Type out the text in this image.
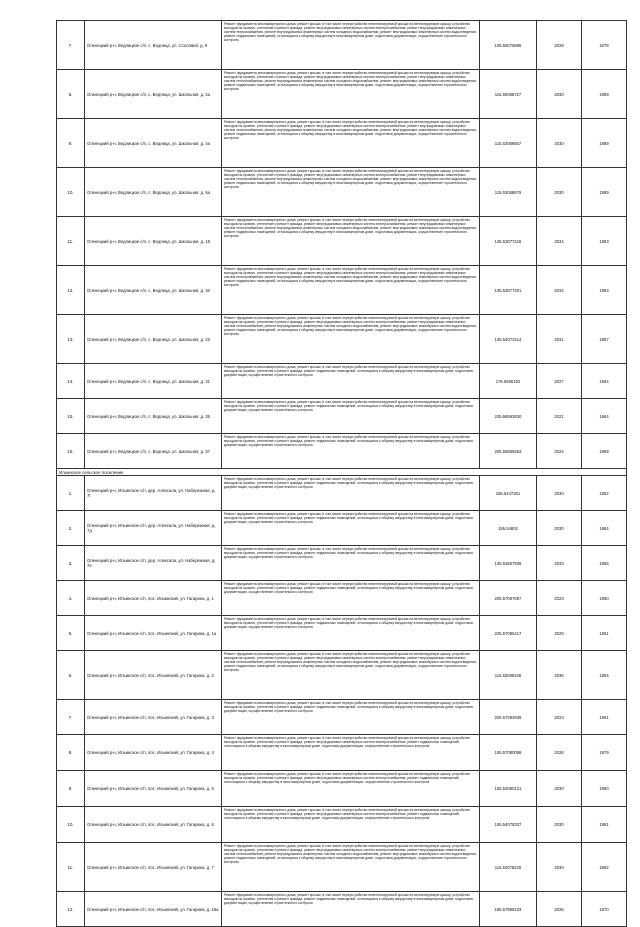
7.	Оленецкий р-н, Ведлицкое с/п, с. Ведлица, ул. Ссоловей, д. 9	Ремонт фундамента многоквартирного дома, ремонт крыши, в том числе переустройство невентилируемой крыши на вентилируемую крышу, устройство выходов на кровлю, утепление и ремонт фасада, ремонт внутридомовых инженерных систем электроснабжения, ремонт внутридомовых инженерных систем теплоснабжения, ремонт внутридомовых инженерных систем холодного водоснабжения, ремонт внутридомовых инженерных систем водоотведения, ремонт подвальных помещений, относящихся к общему имуществу в многоквартирном доме, подготовка документации, осуществление строительного контроля	105.55076865	2028	1978
8.	Оленецкий р-н, Ведлицкое с/п, с. Ведлица, ул. Школьная, д. 2а	Ремонт фундамента многоквартирного дома, ремонт крыши, в том числе переустройство невентилируемой крыши на вентилируемую крышу, устройство выходов на кровлю, утепление и ремонт фасада, ремонт внутридомовых инженерных систем электроснабжения, ремонт внутридомовых инженерных систем теплоснабжения, ремонт внутридомовых инженерных систем холодного водоснабжения, ремонт внутридомовых инженерных систем водоотведения, ремонт подвальных помещений, относящихся к общему имуществу в многоквартирном доме, подготовка документации, осуществление строительного контроля	115.50068727	2030	1989
9.	Оленецкий р-н, Ведлицкое с/п, с. Ведлица, ул. Школьная, д. 4а	Ремонт фундамента многоквартирного дома, ремонт крыши, в том числе переустройство невентилируемой крыши на вентилируемую крышу, устройство выходов на кровлю, утепление и ремонт фасада, ремонт внутридомовых инженерных систем электроснабжения, ремонт внутридомовых инженерных систем теплоснабжения, ремонт внутридомовых инженерных систем холодного водоснабжения, ремонт внутридомовых инженерных систем водоотведения, ремонт подвальных помещений, относящихся к общему имуществу в многоквартирном доме, подготовка документации, осуществление строительного контроля	115.53068657	2030	1989
10.	Оленецкий р-н, Ведлицкое с/п, с. Ведлица, ул. Школьная, д. 6а	Ремонт фундамента многоквартирного дома, ремонт крыши, в том числе переустройство невентилируемой крыши на вентилируемую крышу, устройство выходов на кровлю, утепление и ремонт фасада, ремонт внутридомовых инженерных систем электроснабжения, ремонт внутридомовых инженерных систем теплоснабжения, ремонт внутридомовых инженерных систем холодного водоснабжения, ремонт внутридомовых инженерных систем водоотведения, ремонт подвальных помещений, относящихся к общему имуществу в многоквартирном доме, подготовка документации, осуществление строительного контроля	115.53068679	2030	1989
11.	Оленецкий р-н, Ведлицкое с/п, с. Ведлица, ул. Школьная, д. 18	Ремонт фундамента многоквартирного дома, ремонт крыши, в том числе переустройство невентилируемой крыши на вентилируемую крышу, устройство выходов на кровлю, утепление и ремонт фасада, ремонт внутридомовых инженерных систем электроснабжения, ремонт внутридомовых инженерных систем теплоснабжения, ремонт внутридомовых инженерных систем холодного водоснабжения, ремонт внутридомовых инженерных систем водоотведения, ремонт подвальных помещений, относящихся к общему имуществу в многоквартирном доме, подготовка документации, осуществление строительного контроля	135.53077415	2034	1983
12.	Оленецкий р-н, Ведлицкое с/п, с. Ведлица, ул. Школьная, д. 20	Ремонт фундамента многоквартирного дома, ремонт крыши, в том числе переустройство невентилируемой крыши на вентилируемую крышу, устройство выходов на кровлю, утепление и ремонт фасада, ремонт внутридомовых инженерных систем электроснабжения, ремонт внутридомовых инженерных систем теплоснабжения, ремонт внутридомовых инженерных систем холодного водоснабжения, ремонт внутридомовых инженерных систем водоотведения, ремонт подвальных помещений, относящихся к общему имуществу в многоквартирном доме, подготовка документации, осуществление строительного контроля	135.53077401	2034	1983
13.	Оленецкий р-н, Ведлицкое с/п, с. Ведлица, ул. Школьная, д. 23	Ремонт фундамента многоквартирного дома, ремонт крыши, в том числе переустройство невентилируемой крыши на вентилируемую крышу, устройство выходов на кровлю, утепление и ремонт фасада, ремонт внутридомовых инженерных систем электроснабжения, ремонт внутридомовых инженерных систем теплоснабжения, ремонт внутридомовых инженерных систем холодного водоснабжения, ремонт внутридомовых инженерных систем водоотведения, ремонт подвальных помещений, относящихся к общему имуществу в многоквартирном доме, подготовка документации, осуществление строительного контроля	135.54073414	2031	1987
14.	Оленецкий р-н, Ведлицкое с/п, с. Ведлица, ул. Школьная, д. 31	Ремонт фундамента многоквартирного дома, ремонт крыши, в том числе переустройство невентилируемой крыши на вентилируемую крышу, устройство выходов на кровлю, утепление и ремонт фасада, ремонт подвальных помещений, относящихся к общему имуществу в многоквартирном доме, подготовка документации, осуществление строительного контроля	176.5556192	2027	1964
15.	Оленецкий р-н, Ведлицкое с/п, с. Ведлица, ул. Школьная, д. 35	Ремонт фундамента многоквартирного дома, ремонт крыши, в том числе переустройство невентилируемой крыши на вентилируемую крышу, устройство выходов на кровлю, утепление и ремонт фасада, ремонт подвальных помещений, относящихся к общему имуществу в многоквартирном доме, подготовка документации, осуществление строительного контроля	225.56593830	2021	1964
16.	Оленецкий р-н, Ведлицкое с/п, с. Ведлица, ул. Школьная, д. 37	Ремонт фундамента многоквартирного дома, ремонт крыши, в том числе переустройство невентилируемой крыши на вентилируемую крышу, устройство выходов на кровлю, утепление и ремонт фасада, ремонт подвальных помещений, относящихся к общему имуществу в многоквартирном доме, подготовка документации, осуществление строительного контроля	205.56588453	2024	1969
Ильинское сельское поселение					
1.	Оленецкий р-н, Ильинское с/п, дер. Алексала, ул. Набережная, д. 7г	Ремонт фундамента многоквартирного дома, ремонт крыши, в том числе переустройство невентилируемой крыши на вентилируемую крышу, устройство выходов на кровлю, утепление и ремонт фасада, ремонт подвальных помещений, относящихся к общему имуществу в многоквартирном доме, подготовка документации, осуществление строительного контроля	155.5447251	2030	1982
2.	Оленецкий р-н, Ильинское с/п, дер. Алексала, ул. Набережная, д. 7д	Ремонт фундамента многоквартирного дома, ремонт крыши, в том числе переустройство невентилируемой крыши на вентилируемую крышу, устройство выходов на кровлю, утепление и ремонт фасада, ремонт подвальных помещений, относящихся к общему имуществу в многоквартирном доме, подготовка документации, осуществление строительного контроля	155.54802	2030	1984
3.	Оленецкий р-н, Ильинское с/п, дер. Алексала, ул. Набережная, д. 7е	Ремонт фундамента многоквартирного дома, ремонт крыши, в том числе переустройство невентилируемой крыши на вентилируемую крышу, устройство выходов на кровлю, утепление и ремонт фасада, ремонт подвальных помещений, относящихся к общему имуществу в многоквартирном доме, подготовка документации, осуществление строительного контроля	135.53667936	2033	1986
4.	Оленецкий р-н, Ильинское с/п, пос. Ильинский, ул. Гагарина, д. 1	Ремонт фундамента многоквартирного дома, ремонт крыши, в том числе переустройство невентилируемой крыши на вентилируемую крышу, устройство выходов на кровлю, утепление и ремонт фасада, ремонт подвальных помещений, относящихся к общему имуществу в многоквартирном доме, подготовка документации, осуществление строительного контроля	205.57097697	2023	1960
5.	Оленецкий р-н, Ильинское с/п, пос. Ильинский, ул. Гагарина, д. 1а	Ремонт фундамента многоквартирного дома, ремонт крыши, в том числе переустройство невентилируемой крыши на вентилируемую крышу, устройство выходов на кровлю, утепление и ремонт фасада, ремонт подвальных помещений, относящихся к общему имуществу в многоквартирном доме, подготовка документации, осуществление строительного контроля	225.57095417	2020	1961
6.	Оленецкий р-н, Ильинское с/п, пос. Ильинский, ул. Гагарина, д. 2	Ремонт фундамента многоквартирного дома, ремонт крыши, в том числе переустройство невентилируемой крыши на вентилируемую крышу, устройство выходов на кровлю, утепление и ремонт фасада, ремонт внутридомовых инженерных систем электроснабжения, ремонт внутридомовых инженерных систем теплоснабжения, ремонт внутридомовых инженерных систем холодного водоснабжения, ремонт внутридомовых инженерных систем водоотведения, ремонт подвальных помещений, относящихся к общему имуществу в многоквартирном доме, подготовка документации, осуществление строительного контроля	115.53068438	2036	1994
7.	Оленецкий р-н, Ильинское с/п, пос. Ильинский, ул. Гагарина, д. 3	Ремонт фундамента многоквартирного дома, ремонт крыши, в том числе переустройство невентилируемой крыши на вентилируемую крышу, устройство выходов на кровлю, утепление и ремонт фасада, ремонт подвальных помещений, относящихся к общему имуществу в многоквартирном доме, подготовка документации, осуществление строительного контроля	205.57094939	2023	1961
8.	Оленецкий р-н, Ильинское с/п, пос. Ильинский, ул. Гагарина, д. 4	Ремонт фундамента многоквартирного дома, ремонт крыши, в том числе переустройство невентилируемой крыши на вентилируемую крышу, устройство выходов на кровлю, утепление и ремонт фасада, ремонт внутридомовых инженерных систем электроснабжения, ремонт подвальных помещений, относящихся к общему имуществу в многоквартирном доме, подготовка документации, осуществление строительного контроля	155.57080088	2026	1979
9.	Оленецкий р-н, Ильинское с/п, пос. Ильинский, ул. Гагарина, д. 5	Ремонт фундамента многоквартирного дома, ремонт крыши, в том числе переустройство невентилируемой крыши на вентилируемую крышу, устройство выходов на кровлю, утепление и ремонт фасада, ремонт внутридомовых инженерных систем электроснабжения, ремонт подвальных помещений, относящихся к общему имуществу в многоквартирном доме, подготовка документации, осуществление строительного контроля	155.54080121	2030	1980
10.	Оленецкий р-н, Ильинское с/п, пос. Ильинский, ул. Гагарина, д. 6	Ремонт фундамента многоквартирного дома, ремонт крыши, в том числе переустройство невентилируемой крыши на вентилируемую крышу, устройство выходов на кровлю, утепление и ремонт фасада, ремонт внутридомовых инженерных систем электроснабжения, ремонт подвальных помещений, относящихся к общему имуществу в многоквартирном доме, подготовка документации, осуществление строительного контроля	155.54078337	2030	1981
11.	Оленецкий р-н, Ильинское с/п, пос. Ильинский, ул. Гагарина, д. 7	Ремонт фундамента многоквартирного дома, ремонт крыши, в том числе переустройство невентилируемой крыши на вентилируемую крышу, устройство выходов на кровлю, утепление и ремонт фасада, ремонт внутридомовых инженерных систем электроснабжения, ремонт внутридомовых инженерных систем теплоснабжения, ремонт внутридомовых инженерных систем холодного водоснабжения, ремонт внутридомовых инженерных систем водоотведения, ремонт подвальных помещений, относящихся к общему имуществу в многоквартирном доме, подготовка документации, осуществление строительного контроля	115.54078220	2030	1982
12.	Оленецкий р-н, Ильинское с/п, пос. Ильинский, ул. Гагарина, д. 16а	Ремонт фундамента многоквартирного дома, ремонт крыши, в том числе переустройство невентилируемой крыши на вентилируемую крышу, устройство выходов на кровлю, утепление и ремонт фасада, ремонт подвальных помещений, относящихся к общему имуществу в многоквартирном доме, подготовка документации, осуществление строительного контроля	185.57886103	2026	1970
